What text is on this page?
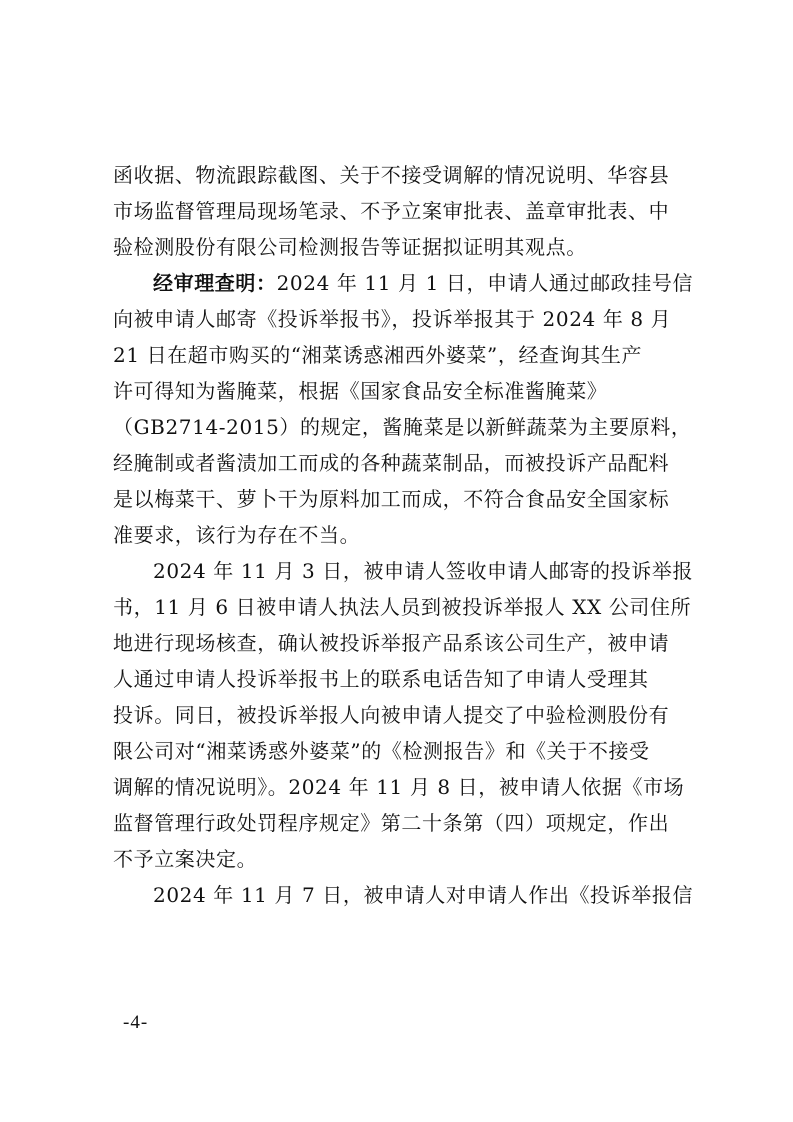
函收据、物流跟踪截图、关于不接受调解的情况说明、华容县
市场监督管理局现场笔录、不予立案审批表、盖章审批表、中
验检测股份有限公司检测报告等证据拟证明其观点。
经审理查明：2024 年 11 月 1 日，申请人通过邮政挂号信
向被申请人邮寄《投诉举报书》，投诉举报其于 2024 年 8 月
21 日在超市购买的“湘菜诱惑湘西外婆菜”，经查询其生产
许可得知为酱腌菜，根据《国家食品安全标准酱腌菜》
（GB2714-2015）的规定，酱腌菜是以新鲜蔬菜为主要原料，
经腌制或者酱渍加工而成的各种蔬菜制品，而被投诉产品配料
是以梅菜干、萝卜干为原料加工而成，不符合食品安全国家标
准要求，该行为存在不当。
2024 年 11 月 3 日，被申请人签收申请人邮寄的投诉举报
书，11 月 6 日被申请人执法人员到被投诉举报人 XX 公司住所
地进行现场核查，确认被投诉举报产品系该公司生产，被申请
人通过申请人投诉举报书上的联系电话告知了申请人受理其
投诉。同日，被投诉举报人向被申请人提交了中验检测股份有
限公司对“湘菜诱惑外婆菜”的《检测报告》和《关于不接受
调解的情况说明》。2024 年 11 月 8 日，被申请人依据《市场
监督管理行政处罚程序规定》第二十条第（四）项规定，作出
不予立案决定。
2024 年 11 月 7 日，被申请人对申请人作出《投诉举报信
-4-
